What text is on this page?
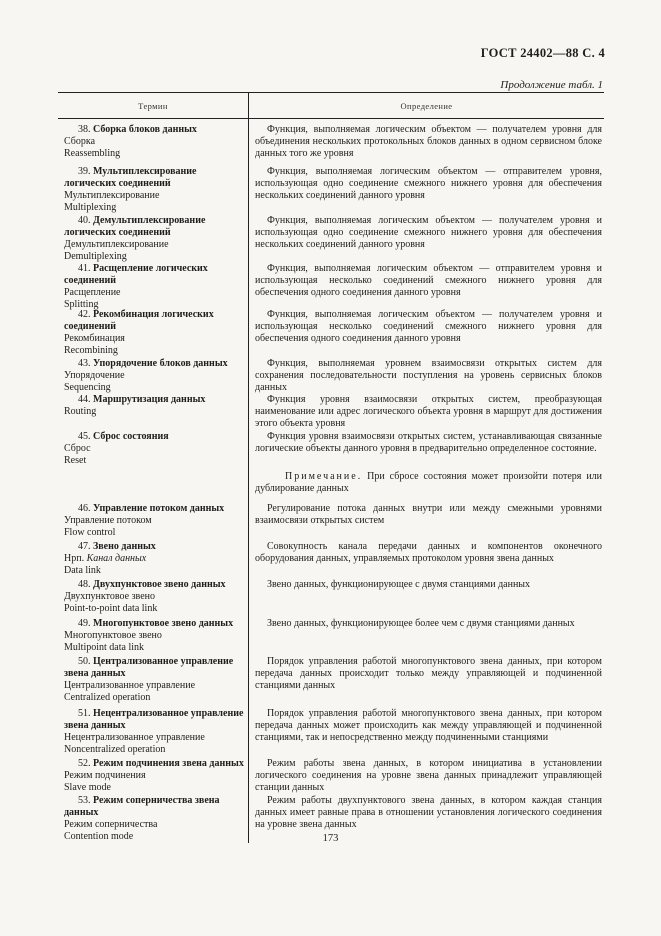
ГОСТ 24402—88 С. 4
Продолжение табл. 1
Термин	Определение
38. Сборка блоков данных
Сборка
Reassembling
Функция, выполняемая логическим объектом — получателем уровня для объединения нескольких протокольных блоков данных в одном сервисном блоке данных того же уровня
39. Мультиплексирование логических соединений
Мультиплексирование
Multiplexing
Функция, выполняемая логическим объектом — отправителем уровня, использующая одно соединение смежного нижнего уровня для обеспечения нескольких соединений данного уровня
40. Демультиплексирование логических соединений
Демультиплексирование
Demultiplexing
Функция, выполняемая логическим объектом — получателем уровня и использующая одно соединение смежного нижнего уровня для обеспечения нескольких соединений данного уровня
41. Расщепление логических соединений
Расщепление
Splitting
Функция, выполняемая логическим объектом — отправителем уровня и использующая несколько соединений смежного нижнего уровня для обеспечения одного соединения данного уровня
42. Рекомбинация логических соединений
Рекомбинация
Recombining
Функция, выполняемая логическим объектом — получателем уровня и использующая несколько соединений смежного нижнего уровня для обеспечения одного соединения данного уровня
43. Упорядочение блоков данных
Упорядочение
Sequencing
Функция, выполняемая уровнем взаимосвязи открытых систем для сохранения последовательности поступления на уровень сервисных блоков данных
44. Маршрутизация данных
Routing
Функция уровня взаимосвязи открытых систем, преобразующая наименование или адрес логического объекта уровня в маршрут для достижения этого объекта уровня
45. Сброс состояния
Сброс
Reset
Функция уровня взаимосвязи открытых систем, устанавливающая связанные логические объекты данного уровня в предварительно определенное состояние.
Примечание. При сбросе состояния может произойти потеря или дублирование данных
46. Управление потоком данных
Управление потоком
Flow control
Регулирование потока данных внутри или между смежными уровнями взаимосвязи открытых систем
47. Звено данных
Нрп. Канал данных
Data link
Совокупность канала передачи данных и компонентов оконечного оборудования данных, управляемых протоколом уровня звена данных
48. Двухпунктовое звено данных
Двухпунктовое звено
Point-to-point data link
Звено данных, функционирующее с двумя станциями данных
49. Многопунктовое звено данных
Многопунктовое звено
Multipoint data link
Звено данных, функционирующее более чем с двумя станциями данных
50. Централизованное управление звена данных
Централизованное управление
Centralized operation
Порядок управления работой многопунктового звена данных, при котором передача данных происходит только между управляющей и подчиненной станциями данных
51. Нецентрализованное управление звена данных
Нецентрализованное управление
Noncentralized operation
Порядок управления работой многопунктового звена данных, при котором передача данных может происходить как между управляющей и подчиненной станциями, так и непосредственно между подчиненными станциями
52. Режим подчинения звена данных
Режим подчинения
Slave mode
Режим работы звена данных, в котором инициатива в установлении логического соединения на уровне звена данных принадлежит управляющей станции данных
53. Режим соперничества звена данных
Режим соперничества
Contention mode
Режим работы двухпунктового звена данных, в котором каждая станция данных имеет равные права в отношении установления логического соединения на уровне звена данных
173
